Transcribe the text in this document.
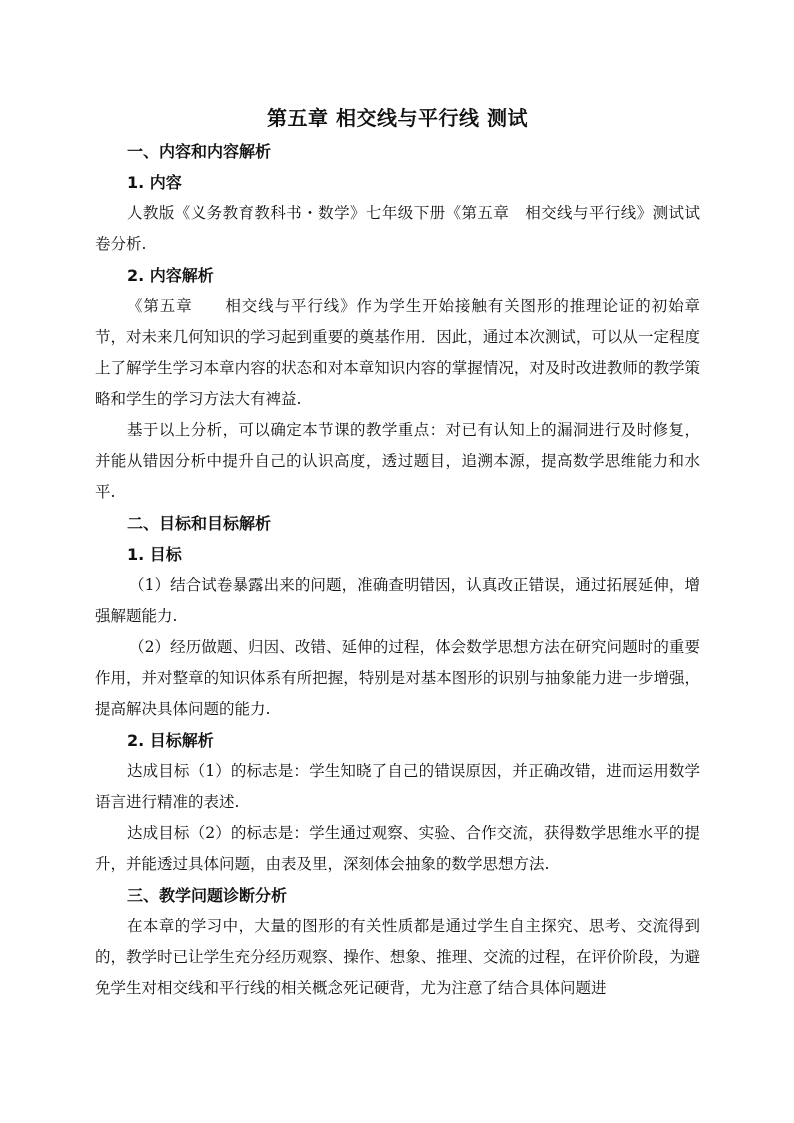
第五章 相交线与平行线 测试
一、内容和内容解析
1. 内容

人教版《义务教育教科书・数学》七年级下册《第五章　相交线与平行线》测试试卷分析.

2. 内容解析

《第五章　　相交线与平行线》作为学生开始接触有关图形的推理论证的初始章节，对未来几何知识的学习起到重要的奠基作用．因此，通过本次测试，可以从一定程度上了解学生学习本章内容的状态和对本章知识内容的掌握情况，对及时改进教师的教学策略和学生的学习方法大有裨益.

基于以上分析，可以确定本节课的教学重点：对已有认知上的漏洞进行及时修复，并能从错因分析中提升自己的认识高度，透过题目，追溯本源，提高数学思维能力和水平.

二、目标和目标解析
1. 目标

（1）结合试卷暴露出来的问题，准确查明错因，认真改正错误，通过拓展延伸，增强解题能力.

（2）经历做题、归因、改错、延伸的过程，体会数学思想方法在研究问题时的重要作用，并对整章的知识体系有所把握，特别是对基本图形的识别与抽象能力进一步增强，提高解决具体问题的能力.

2. 目标解析

达成目标（1）的标志是：学生知晓了自己的错误原因，并正确改错，进而运用数学语言进行精准的表述.

达成目标（2）的标志是：学生通过观察、实验、合作交流，获得数学思维水平的提升，并能透过具体问题，由表及里，深刻体会抽象的数学思想方法.

三、教学问题诊断分析

在本章的学习中，大量的图形的有关性质都是通过学生自主探究、思考、交流得到的，教学时已让学生充分经历观察、操作、想象、推理、交流的过程，在评价阶段，为避免学生对相交线和平行线的相关概念死记硬背，尤为注意了结合具体问题进
